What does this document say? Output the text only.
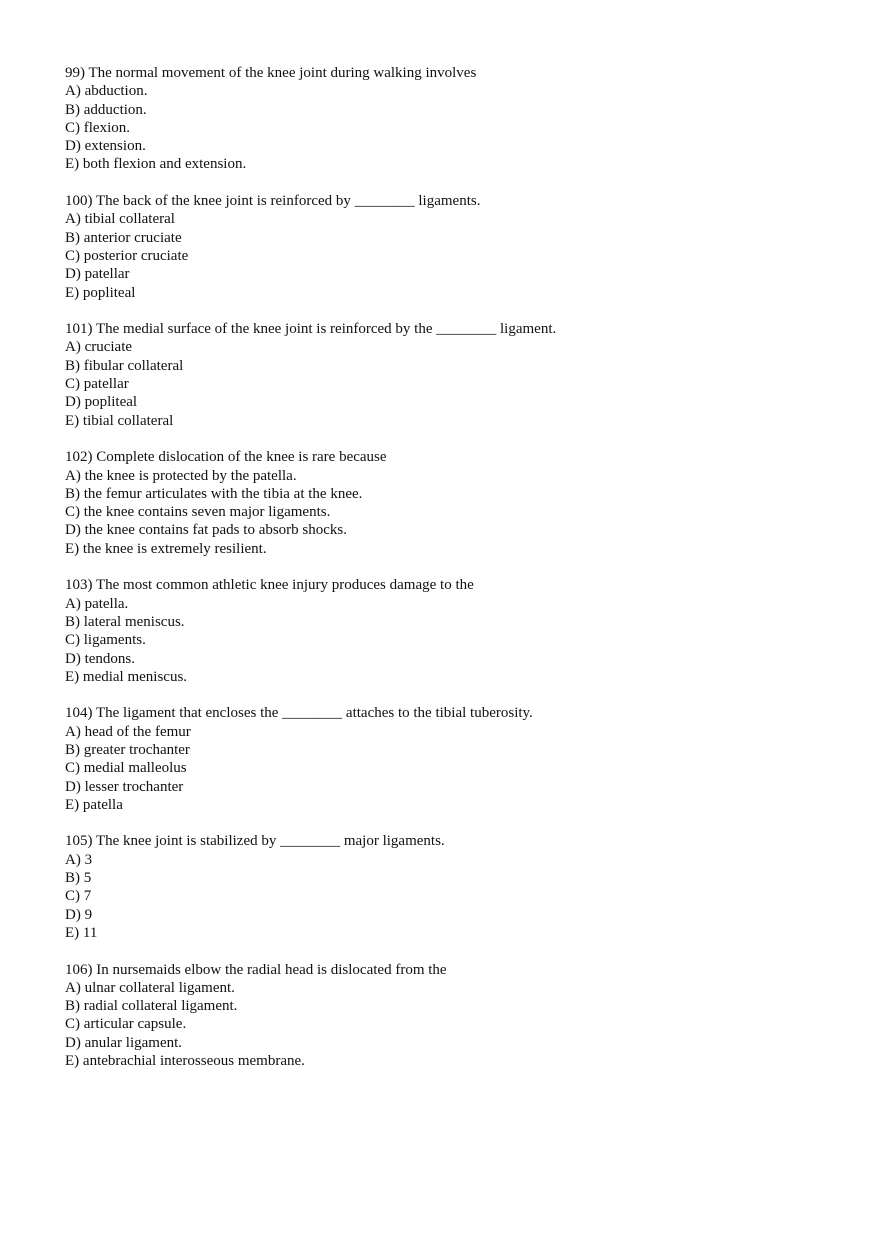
99) The normal movement of the knee joint during walking involves
A) abduction.
B) adduction.
C) flexion.
D) extension.
E) both flexion and extension.
100) The back of the knee joint is reinforced by ________ ligaments.
A) tibial collateral
B) anterior cruciate
C) posterior cruciate
D) patellar
E) popliteal
101) The medial surface of the knee joint is reinforced by the ________ ligament.
A) cruciate
B) fibular collateral
C) patellar
D) popliteal
E) tibial collateral
102) Complete dislocation of the knee is rare because
A) the knee is protected by the patella.
B) the femur articulates with the tibia at the knee.
C) the knee contains seven major ligaments.
D) the knee contains fat pads to absorb shocks.
E) the knee is extremely resilient.
103) The most common athletic knee injury produces damage to the
A) patella.
B) lateral meniscus.
C) ligaments.
D) tendons.
E) medial meniscus.
104) The ligament that encloses the ________ attaches to the tibial tuberosity.
A) head of the femur
B) greater trochanter
C) medial malleolus
D) lesser trochanter
E) patella
105) The knee joint is stabilized by ________ major ligaments.
A) 3
B) 5
C) 7
D) 9
E) 11
106) In nursemaids elbow the radial head is dislocated from the
A) ulnar collateral ligament.
B) radial collateral ligament.
C) articular capsule.
D) anular ligament.
E) antebrachial interosseous membrane.
